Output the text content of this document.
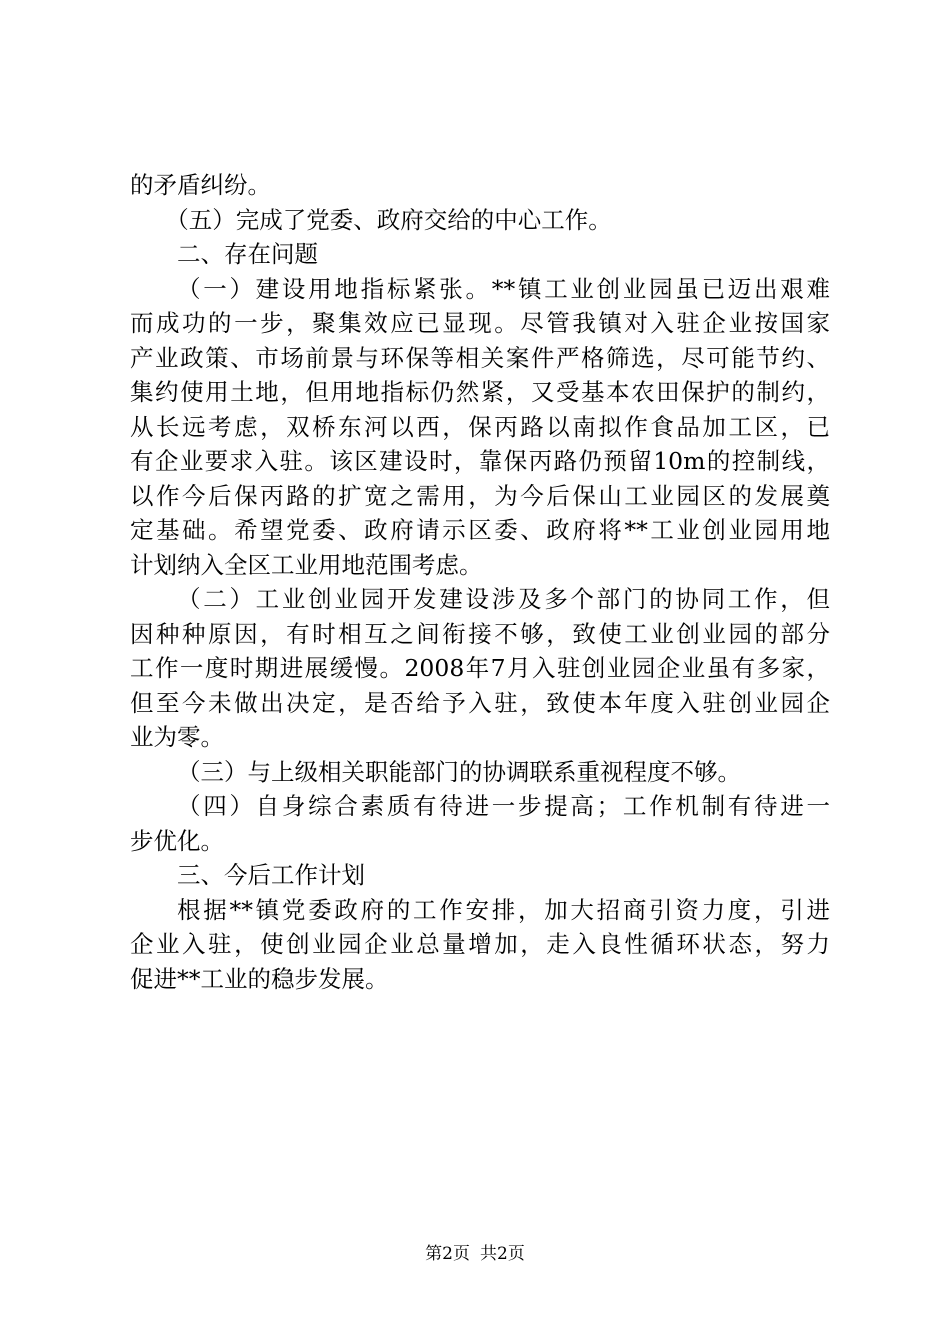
的矛盾纠纷。
（五）完成了党委、政府交给的中心工作。
二、存在问题
（一）建设用地指标紧张。**镇工业创业园虽已迈出艰难
而成功的一步，聚集效应已显现。尽管我镇对入驻企业按国家
产业政策、市场前景与环保等相关案件严格筛选，尽可能节约、
集约使用土地，但用地指标仍然紧，又受基本农田保护的制约，
从长远考虑，双桥东河以西，保丙路以南拟作食品加工区，已
有企业要求入驻。该区建设时，靠保丙路仍预留10m的控制线，
以作今后保丙路的扩宽之需用，为今后保山工业园区的发展奠
定基础。希望党委、政府请示区委、政府将**工业创业园用地
计划纳入全区工业用地范围考虑。
（二）工业创业园开发建设涉及多个部门的协同工作，但
因种种原因，有时相互之间衔接不够，致使工业创业园的部分
工作一度时期进展缓慢。2008年7月入驻创业园企业虽有多家，
但至今未做出决定，是否给予入驻，致使本年度入驻创业园企
业为零。
（三）与上级相关职能部门的协调联系重视程度不够。
（四）自身综合素质有待进一步提高；工作机制有待进一
步优化。
三、今后工作计划
根据**镇党委政府的工作安排，加大招商引资力度，引进
企业入驻，使创业园企业总量增加，走入良性循环状态，努力
促进**工业的稳步发展。
第2页 共2页
